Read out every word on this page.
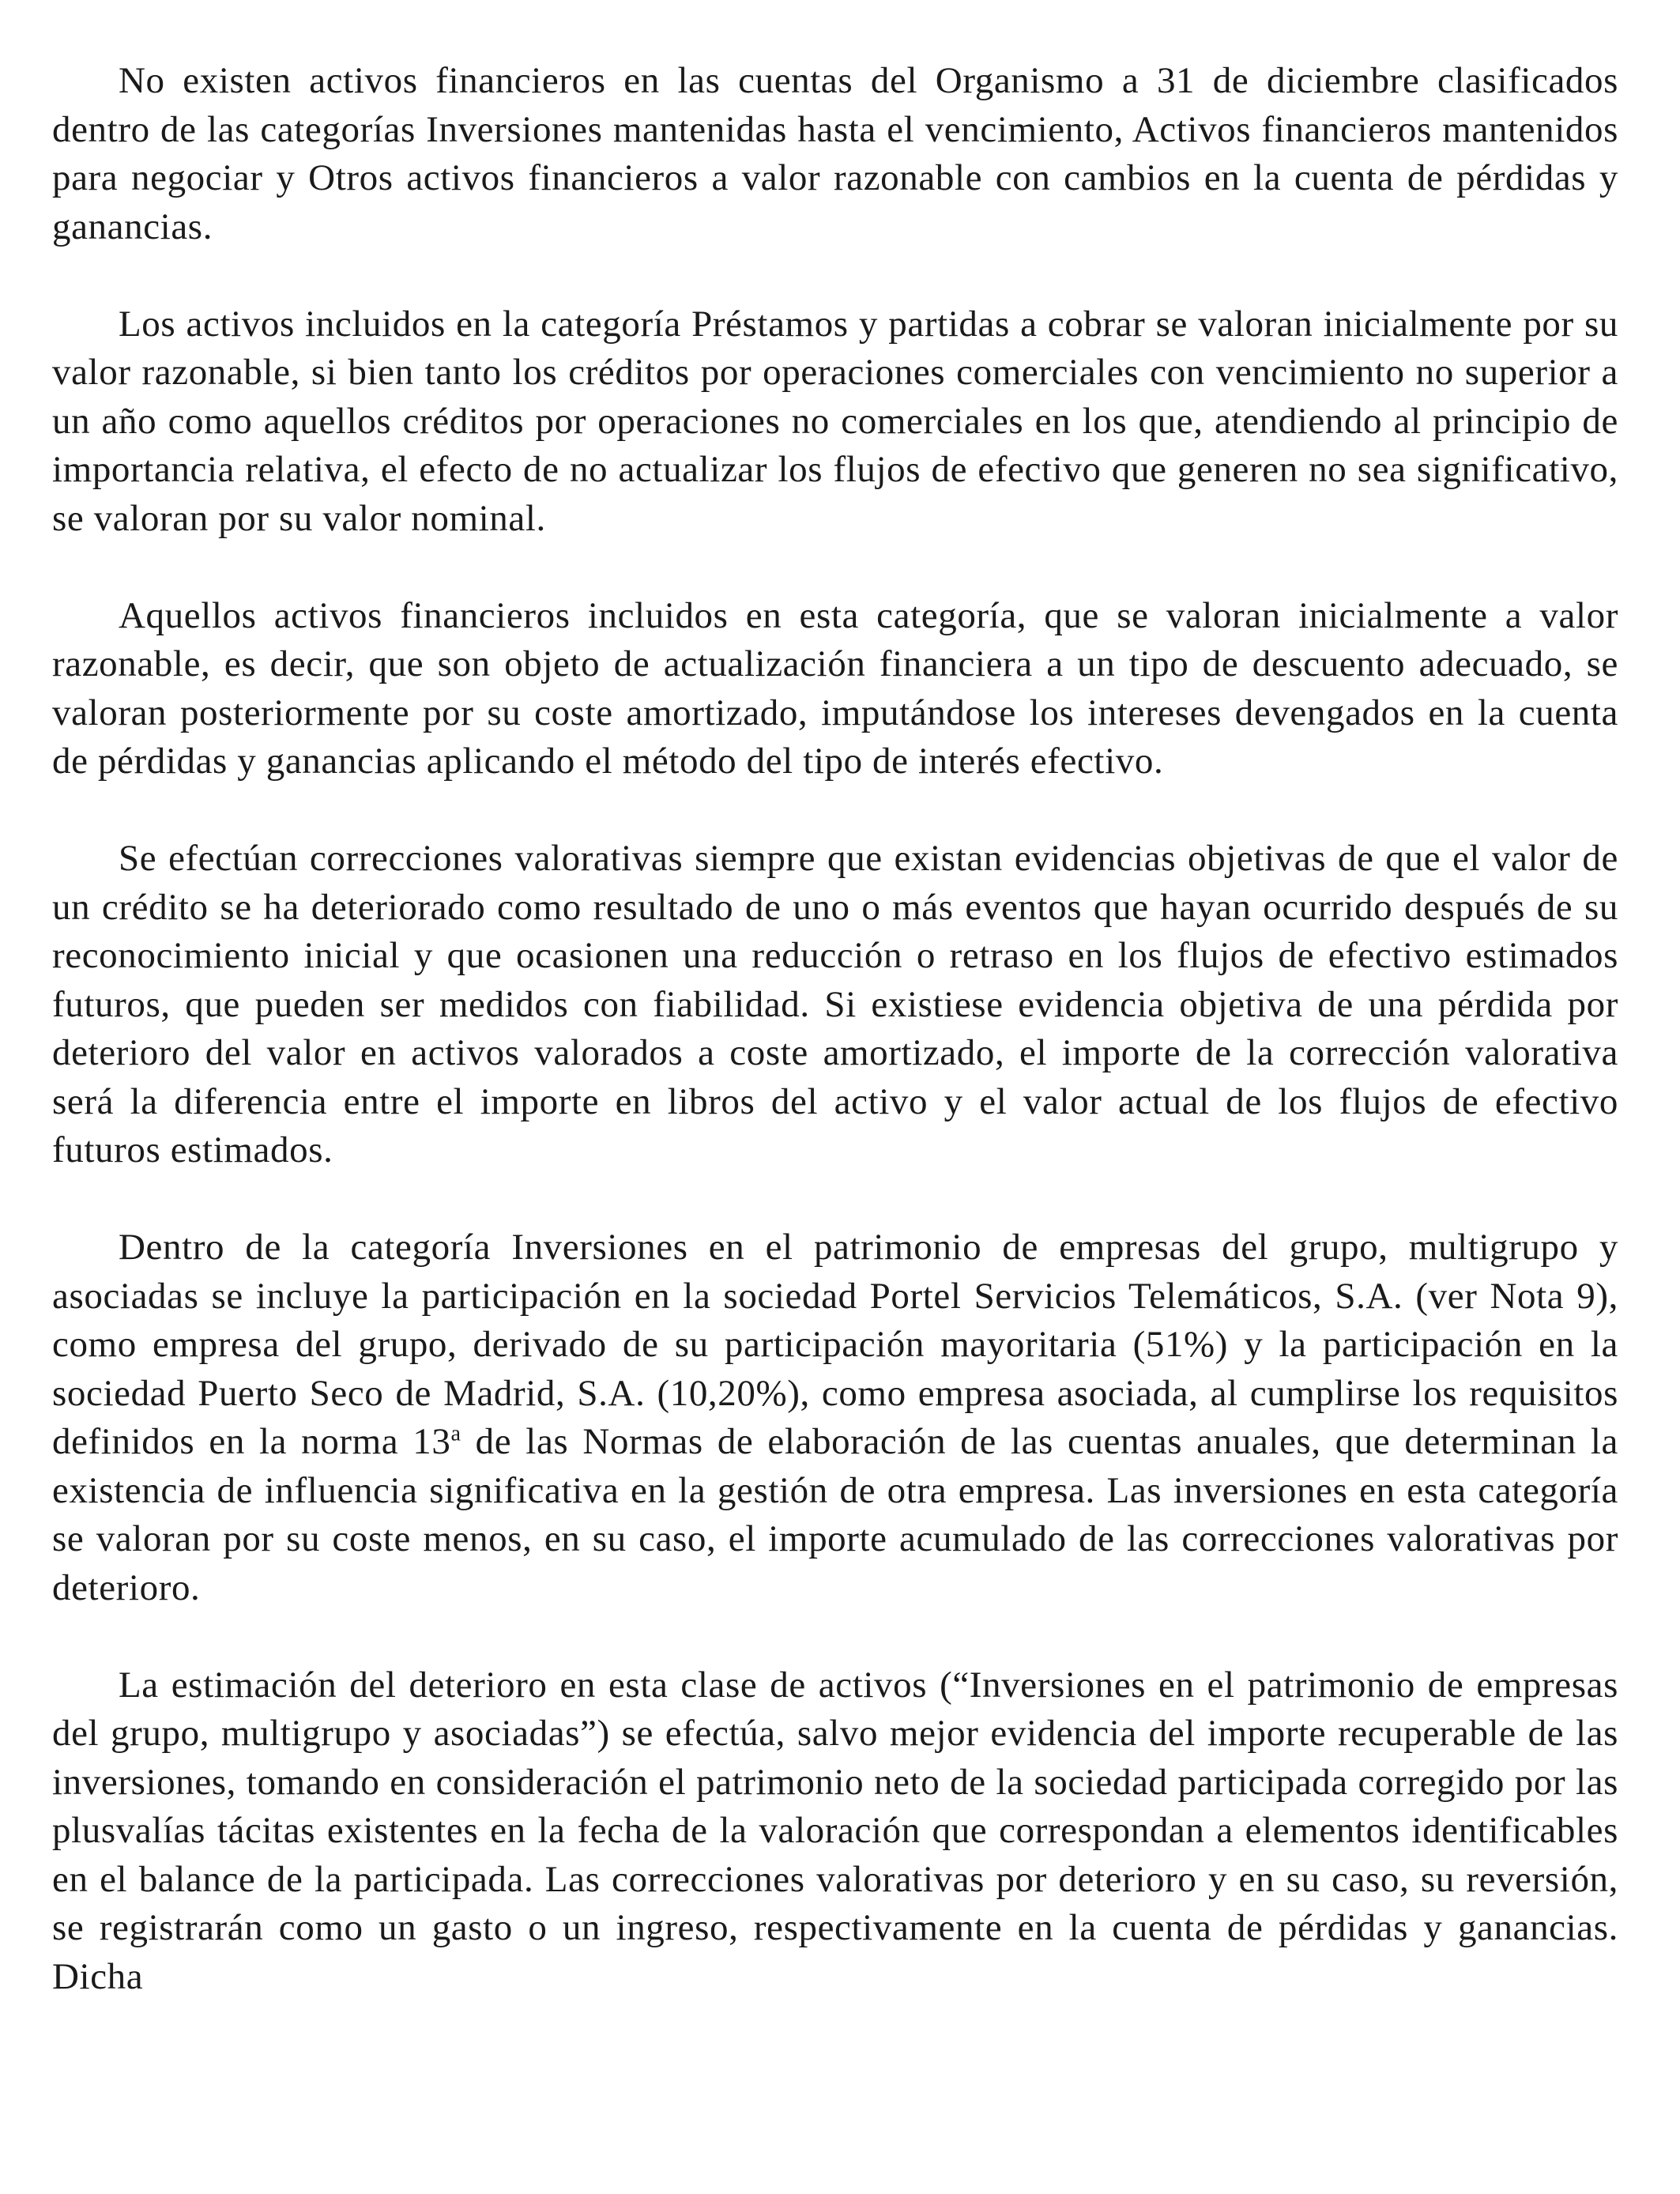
No existen activos financieros en las cuentas del Organismo a 31 de diciembre clasificados dentro de las categorías Inversiones mantenidas hasta el vencimiento, Activos financieros mantenidos para negociar y Otros activos financieros a valor razonable con cambios en la cuenta de pérdidas y ganancias.

Los activos incluidos en la categoría Préstamos y partidas a cobrar se valoran inicialmente por su valor razonable, si bien tanto los créditos por operaciones comerciales con vencimiento no superior a un año como aquellos créditos por operaciones no comerciales en los que, atendiendo al principio de importancia relativa, el efecto de no actualizar los flujos de efectivo que generen no sea significativo, se valoran por su valor nominal.

Aquellos activos financieros incluidos en esta categoría, que se valoran inicialmente a valor razonable, es decir, que son objeto de actualización financiera a un tipo de descuento adecuado, se valoran posteriormente por su coste amortizado, imputándose los intereses devengados en la cuenta de pérdidas y ganancias aplicando el método del tipo de interés efectivo.

Se efectúan correcciones valorativas siempre que existan evidencias objetivas de que el valor de un crédito se ha deteriorado como resultado de uno o más eventos que hayan ocurrido después de su reconocimiento inicial y que ocasionen una reducción o retraso en los flujos de efectivo estimados futuros, que pueden ser medidos con fiabilidad. Si existiese evidencia objetiva de una pérdida por deterioro del valor en activos valorados a coste amortizado, el importe de la corrección valorativa será la diferencia entre el importe en libros del activo y el valor actual de los flujos de efectivo futuros estimados.

Dentro de la categoría Inversiones en el patrimonio de empresas del grupo, multigrupo y asociadas se incluye la participación en la sociedad Portel Servicios Telemáticos, S.A. (ver Nota 9), como empresa del grupo, derivado de su participación mayoritaria (51%) y la participación en la sociedad Puerto Seco de Madrid, S.A. (10,20%), como empresa asociada, al cumplirse los requisitos definidos en la norma 13$^a$ de las Normas de elaboración de las cuentas anuales, que determinan la existencia de influencia significativa en la gestión de otra empresa. Las inversiones en esta categoría se valoran por su coste menos, en su caso, el importe acumulado de las correcciones valorativas por deterioro.

La estimación del deterioro en esta clase de activos (“Inversiones en el patrimonio de empresas del grupo, multigrupo y asociadas”) se efectúa, salvo mejor evidencia del importe recuperable de las inversiones, tomando en consideración el patrimonio neto de la sociedad participada corregido por las plusvalías tácitas existentes en la fecha de la valoración que correspondan a elementos identificables en el balance de la participada. Las correcciones valorativas por deterioro y en su caso, su reversión, se registrarán como un gasto o un ingreso, respectivamente en la cuenta de pérdidas y ganancias. Dicha
